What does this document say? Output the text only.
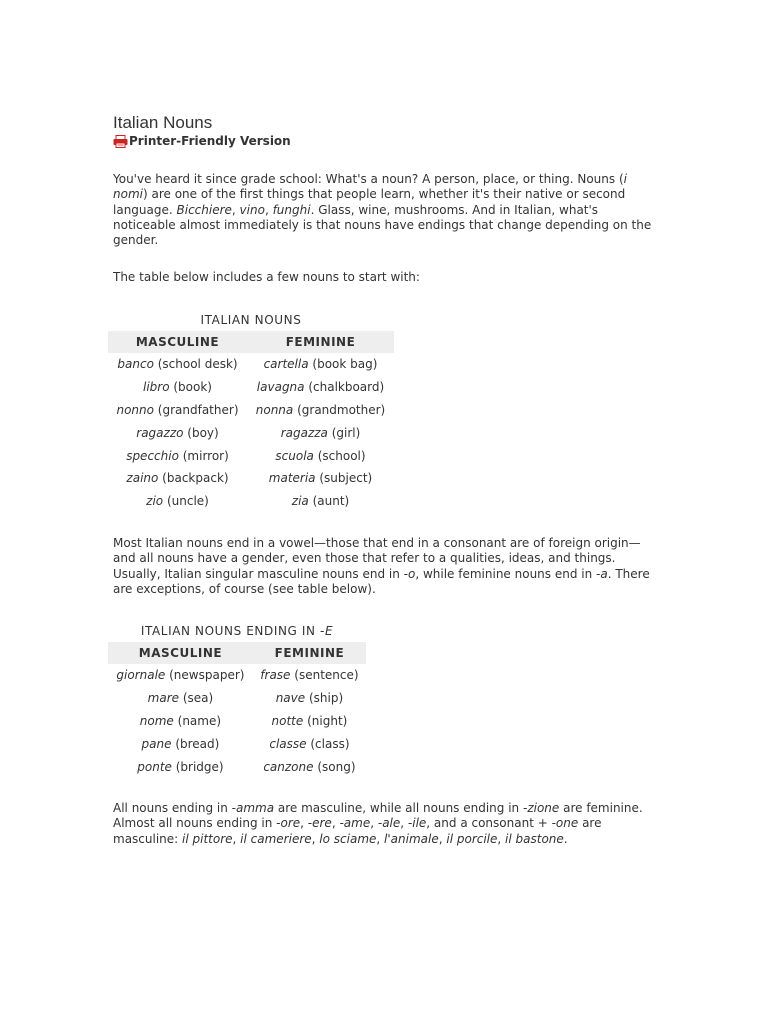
Italian Nouns
Printer-Friendly Version

You've heard it since grade school: What's a noun? A person, place, or thing. Nouns (i nomi) are one of the first things that people learn, whether it's their native or second language. Bicchiere, vino, funghi. Glass, wine, mushrooms. And in Italian, what's noticeable almost immediately is that nouns have endings that change depending on the gender.

The table below includes a few nouns to start with:

ITALIAN NOUNS
MASCULINE	FEMININE
banco (school desk)	cartella (book bag)
libro (book)	lavagna (chalkboard)
nonno (grandfather)	nonna (grandmother)
ragazzo (boy)	ragazza (girl)
specchio (mirror)	scuola (school)
zaino (backpack)	materia (subject)
zio (uncle)	zia (aunt)

Most Italian nouns end in a vowel—those that end in a consonant are of foreign origin—and all nouns have a gender, even those that refer to a qualities, ideas, and things. Usually, Italian singular masculine nouns end in -o, while feminine nouns end in -a. There are exceptions, of course (see table below).

ITALIAN NOUNS ENDING IN -E
MASCULINE	FEMININE
giornale (newspaper)	frase (sentence)
mare (sea)	nave (ship)
nome (name)	notte (night)
pane (bread)	classe (class)
ponte (bridge)	canzone (song)

All nouns ending in -amma are masculine, while all nouns ending in -zione are feminine. Almost all nouns ending in -ore, -ere, -ame, -ale, -ile, and a consonant + -one are masculine: il pittore, il cameriere, lo sciame, l'animale, il porcile, il bastone.
